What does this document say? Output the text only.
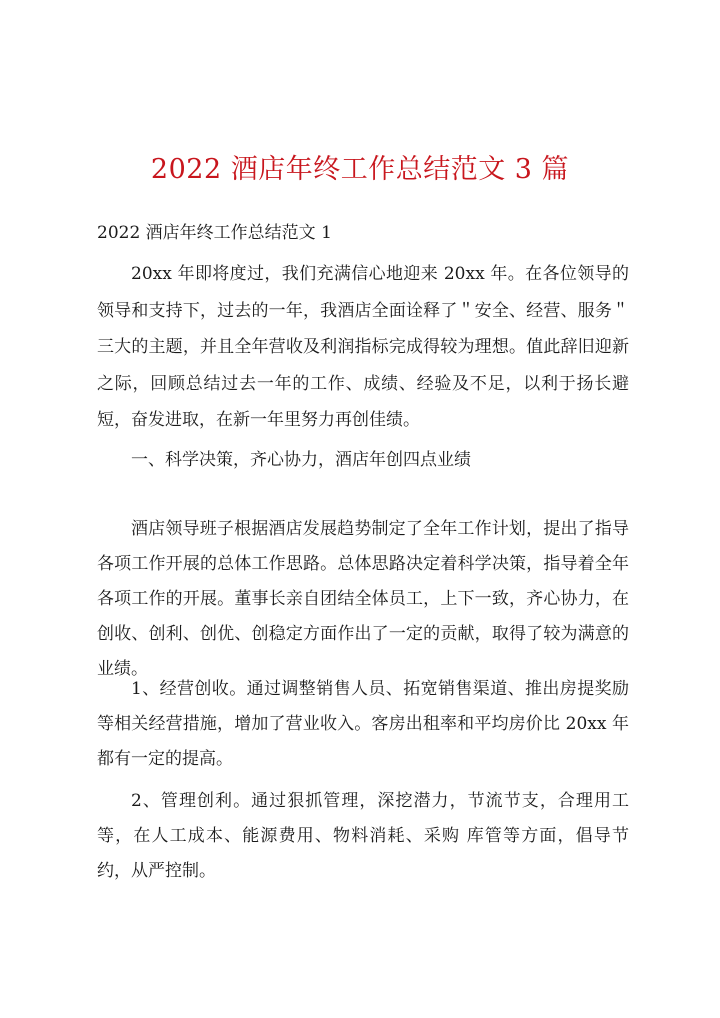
2022 酒店年终工作总结范文 3 篇
2022 酒店年终工作总结范文 1
20xx 年即将度过，我们充满信心地迎来 20xx 年。在各位领导的领导和支持下，过去的一年，我酒店全面诠释了＂安全、经营、服务＂三大的主题，并且全年营收及利润指标完成得较为理想。值此辞旧迎新之际，回顾总结过去一年的工作、成绩、经验及不足，以利于扬长避短，奋发进取，在新一年里努力再创佳绩。
一、科学决策，齐心协力，酒店年创四点业绩
酒店领导班子根据酒店发展趋势制定了全年工作计划，提出了指导各项工作开展的总体工作思路。总体思路决定着科学决策，指导着全年各项工作的开展。董事长亲自团结全体员工，上下一致，齐心协力，在创收、创利、创优、创稳定方面作出了一定的贡献，取得了较为满意的业绩。
1、经营创收。通过调整销售人员、拓宽销售渠道、推出房提奖励等相关经营措施，增加了营业收入。客房出租率和平均房价比 20xx 年都有一定的提高。
2、管理创利。通过狠抓管理，深挖潜力，节流节支，合理用工等，在人工成本、能源费用、物料消耗、采购 库管等方面，倡导节约，从严控制。
